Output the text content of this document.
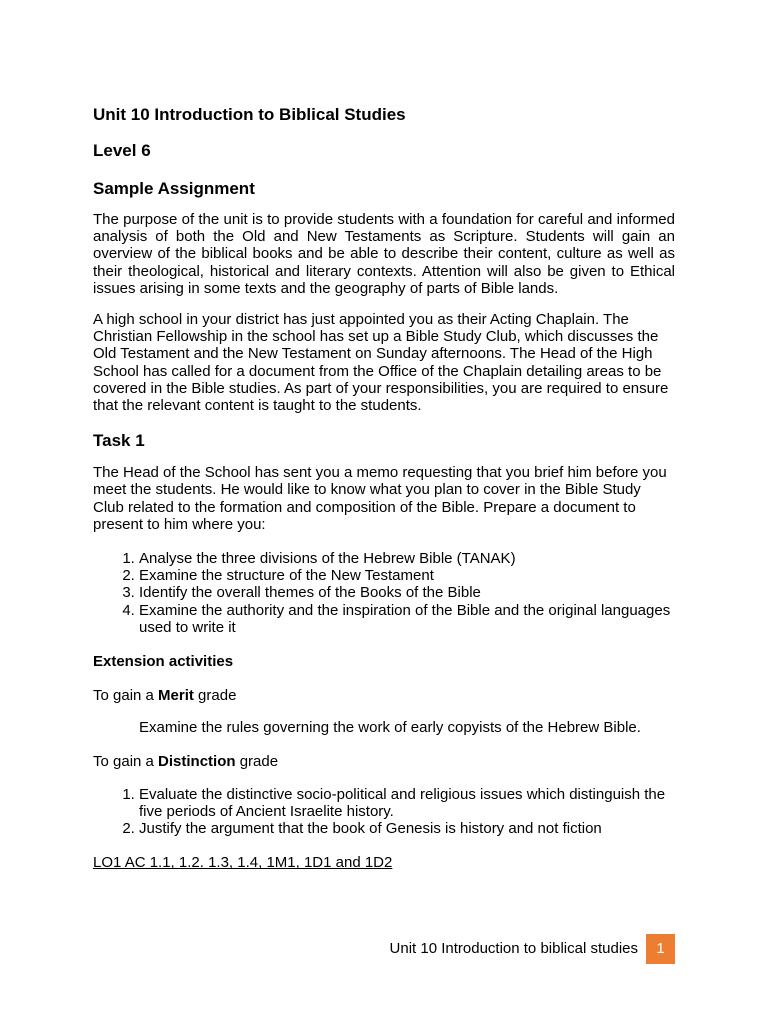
Unit 10 Introduction to Biblical Studies
Level 6
Sample Assignment

The purpose of the unit is to provide students with a foundation for careful and informed analysis of both the Old and New Testaments as Scripture. Students will gain an overview of the biblical books and be able to describe their content, culture as well as their theological, historical and literary contexts. Attention will also be given to Ethical issues arising in some texts and the geography of parts of Bible lands.

A high school in your district has just appointed you as their Acting Chaplain. The Christian Fellowship in the school has set up a Bible Study Club, which discusses the Old Testament and the New Testament on Sunday afternoons. The Head of the High School has called for a document from the Office of the Chaplain detailing areas to be covered in the Bible studies. As part of your responsibilities, you are required to ensure that the relevant content is taught to the students.

Task 1

The Head of the School has sent you a memo requesting that you brief him before you meet the students. He would like to know what you plan to cover in the Bible Study Club related to the formation and composition of the Bible. Prepare a document to present to him where you:

1. Analyse the three divisions of the Hebrew Bible (TANAK)
2. Examine the structure of the New Testament
3. Identify the overall themes of the Books of the Bible
4. Examine the authority and the inspiration of the Bible and the original languages used to write it

Extension activities

To gain a Merit grade

Examine the rules governing the work of early copyists of the Hebrew Bible.

To gain a Distinction grade

1. Evaluate the distinctive socio-political and religious issues which distinguish the five periods of Ancient Israelite history.
2. Justify the argument that the book of Genesis is history and not fiction

LO1 AC 1.1, 1.2. 1.3, 1.4, 1M1, 1D1 and 1D2

Unit 10 Introduction to biblical studies	1
